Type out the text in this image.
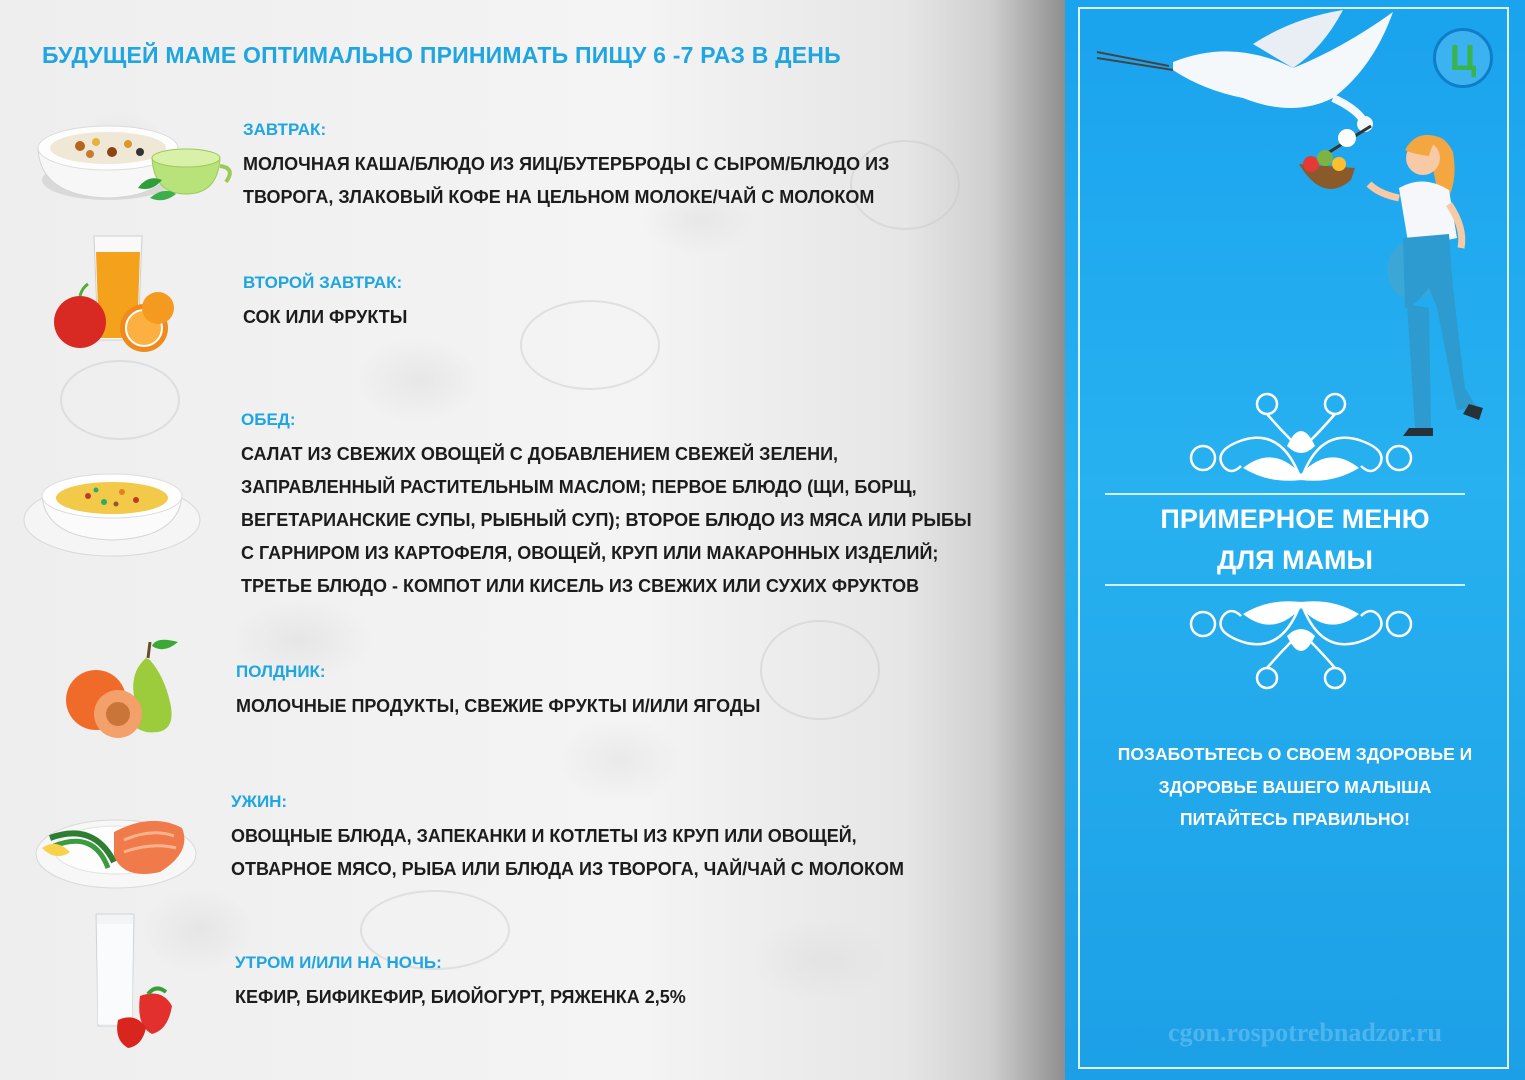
БУДУЩЕЙ МАМЕ ОПТИМАЛЬНО ПРИНИМАТЬ ПИЩУ 6 -7 РАЗ В ДЕНЬ
ЗАВТРАК:
МОЛОЧНАЯ КАША/БЛЮДО ИЗ ЯИЦ/БУТЕРБРОДЫ С СЫРОМ/БЛЮДО ИЗ
ТВОРОГА, ЗЛАКОВЫЙ КОФЕ НА ЦЕЛЬНОМ МОЛОКЕ/ЧАЙ С МОЛОКОМ
ВТОРОЙ ЗАВТРАК:
СОК ИЛИ ФРУКТЫ
ОБЕД:
САЛАТ ИЗ СВЕЖИХ ОВОЩЕЙ С ДОБАВЛЕНИЕМ СВЕЖЕЙ ЗЕЛЕНИ,
ЗАПРАВЛЕННЫЙ РАСТИТЕЛЬНЫМ МАСЛОМ; ПЕРВОЕ БЛЮДО (ЩИ, БОРЩ,
ВЕГЕТАРИАНСКИЕ СУПЫ, РЫБНЫЙ СУП); ВТОРОЕ БЛЮДО ИЗ МЯСА ИЛИ РЫБЫ
С ГАРНИРОМ ИЗ КАРТОФЕЛЯ, ОВОЩЕЙ, КРУП ИЛИ МАКАРОННЫХ ИЗДЕЛИЙ;
ТРЕТЬЕ БЛЮДО - КОМПОТ ИЛИ КИСЕЛЬ ИЗ СВЕЖИХ ИЛИ СУХИХ ФРУКТОВ
ПОЛДНИК:
МОЛОЧНЫЕ ПРОДУКТЫ, СВЕЖИЕ ФРУКТЫ И/ИЛИ ЯГОДЫ
УЖИН:
ОВОЩНЫЕ БЛЮДА, ЗАПЕКАНКИ И КОТЛЕТЫ ИЗ КРУП ИЛИ ОВОЩЕЙ,
ОТВАРНОЕ МЯСО, РЫБА ИЛИ БЛЮДА ИЗ ТВОРОГА, ЧАЙ/ЧАЙ С МОЛОКОМ
УТРОМ И/ИЛИ НА НОЧЬ:
КЕФИР, БИФИКЕФИР, БИОЙОГУРТ, РЯЖЕНКА 2,5%
Ц
ПРИМЕРНОЕ МЕНЮ
ДЛЯ МАМЫ
ПОЗАБОТЬТЕСЬ О СВОЕМ ЗДОРОВЬЕ И
ЗДОРОВЬЕ ВАШЕГО МАЛЫША
ПИТАЙТЕСЬ ПРАВИЛЬНО!
cgon.rospotrebnadzor.ru
